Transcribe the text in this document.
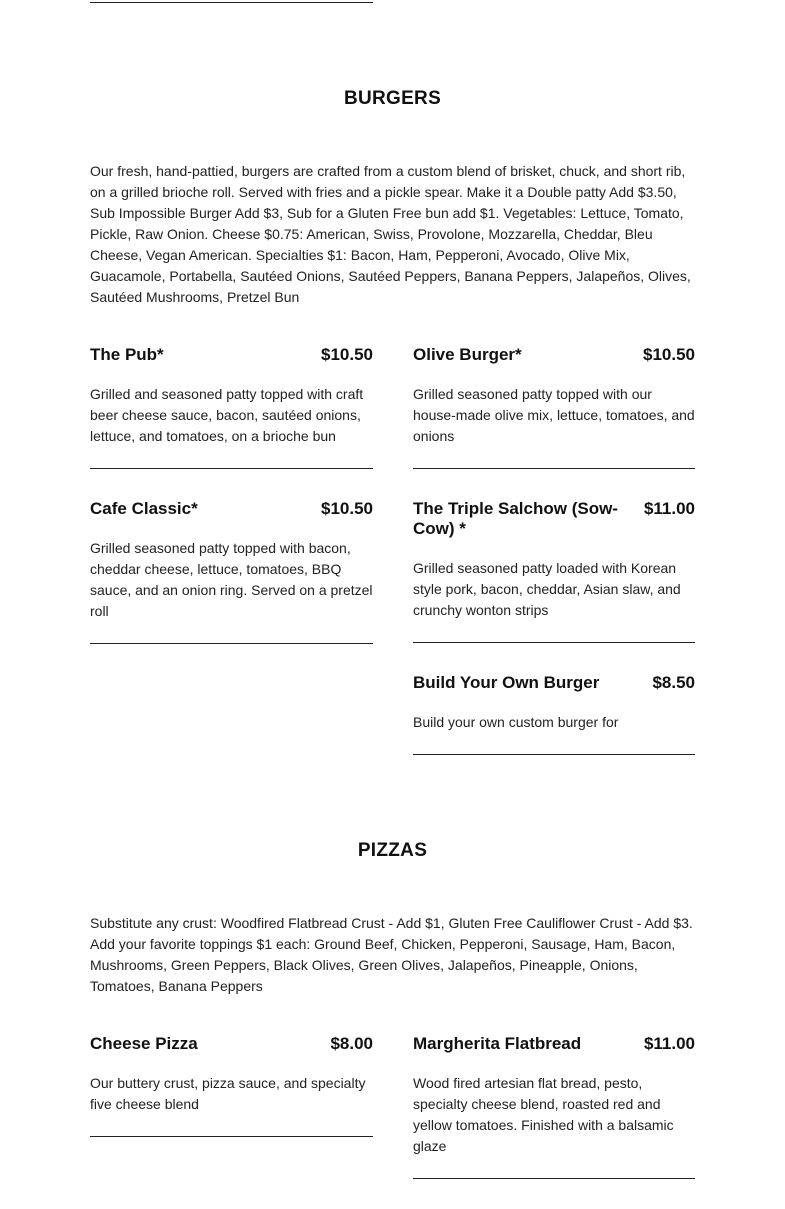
BURGERS

Our fresh, hand-pattied, burgers are crafted from a custom blend of brisket, chuck, and short rib, on a grilled brioche roll. Served with fries and a pickle spear. Make it a Double patty Add $3.50, Sub Impossible Burger Add $3, Sub for a Gluten Free bun add $1. Vegetables: Lettuce, Tomato, Pickle, Raw Onion. Cheese $0.75: American, Swiss, Provolone, Mozzarella, Cheddar, Bleu Cheese, Vegan American. Specialties $1: Bacon, Ham, Pepperoni, Avocado, Olive Mix, Guacamole, Portabella, Sautéed Onions, Sautéed Peppers, Banana Peppers, Jalapeños, Olives, Sautéed Mushrooms, Pretzel Bun

The Pub*	$10.50
Grilled and seasoned patty topped with craft beer cheese sauce, bacon, sautéed onions, lettuce, and tomatoes, on a brioche bun
Cafe Classic*	$10.50
Grilled seasoned patty topped with bacon, cheddar cheese, lettuce, tomatoes, BBQ sauce, and an onion ring. Served on a pretzel roll
Olive Burger*	$10.50
Grilled seasoned patty topped with our house-made olive mix, lettuce, tomatoes, and onions
The Triple Salchow (Sow-Cow) *
$11.00
Grilled seasoned patty loaded with Korean style pork, bacon, cheddar, Asian slaw, and crunchy wonton strips
Build Your Own Burger	$8.50
Build your own custom burger for
PIZZAS

Substitute any crust: Woodfired Flatbread Crust - Add $1, Gluten Free Cauliflower Crust - Add $3. Add your favorite toppings $1 each: Ground Beef, Chicken, Pepperoni, Sausage, Ham, Bacon, Mushrooms, Green Peppers, Black Olives, Green Olives, Jalapeños, Pineapple, Onions, Tomatoes, Banana Peppers

Cheese Pizza	$8.00
Our buttery crust, pizza sauce, and specialty five cheese blend
Margherita Flatbread	$11.00
Wood fired artesian flat bread, pesto, specialty cheese blend, roasted red and yellow tomatoes. Finished with a balsamic glaze
